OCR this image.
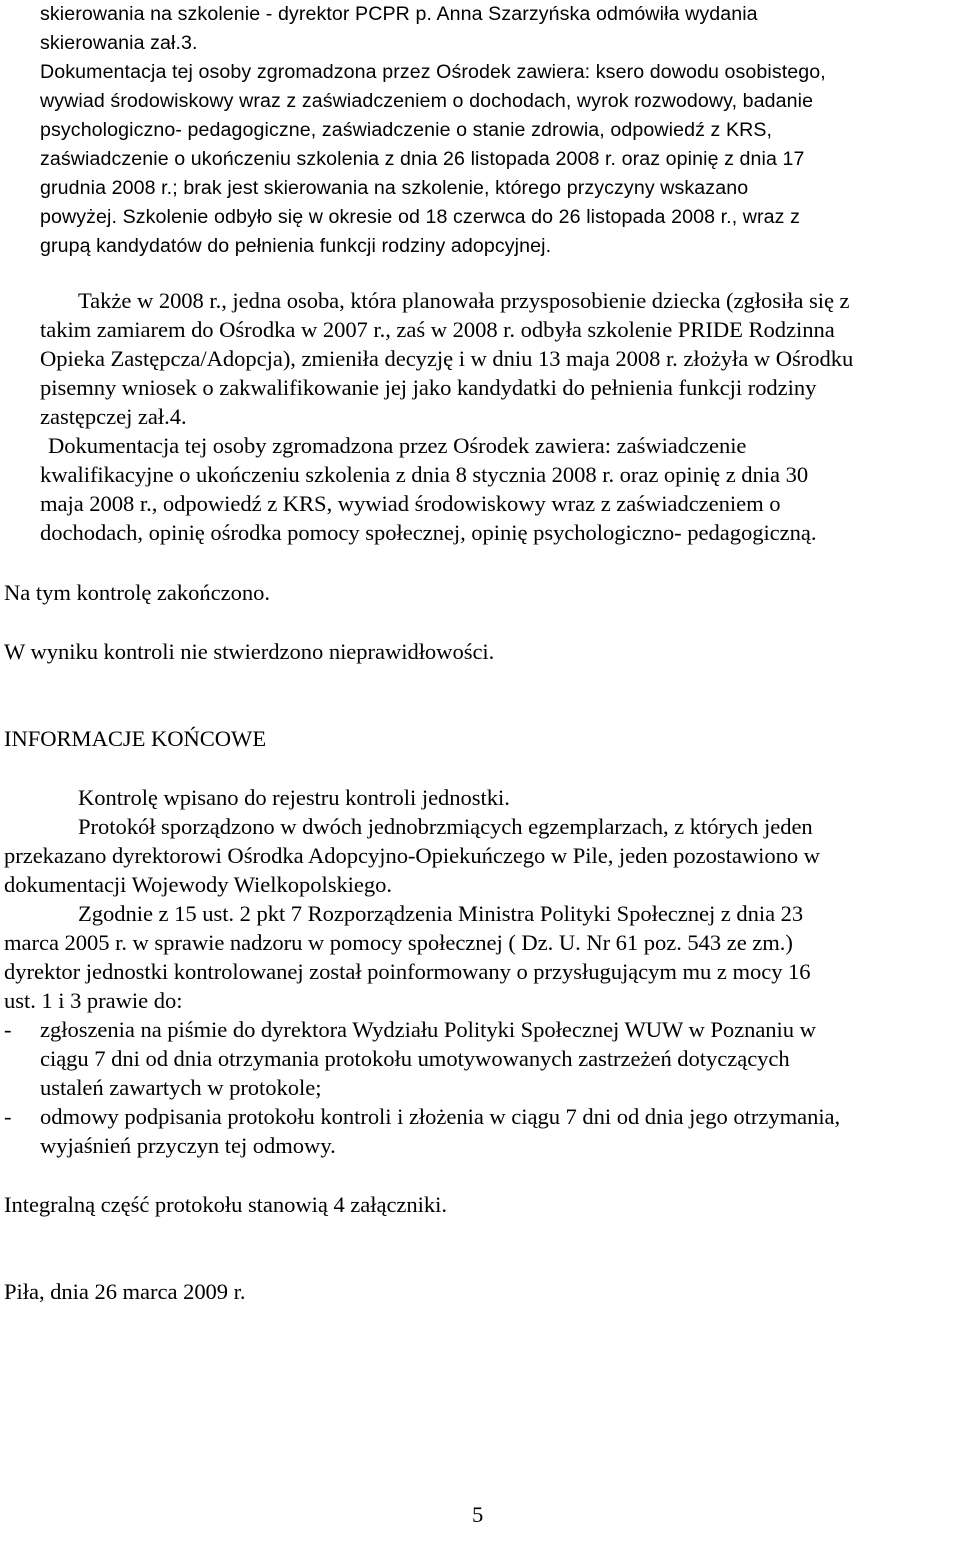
skierowania na szkolenie - dyrektor PCPR p. Anna Szarzyńska odmówiła wydania

skierowania zał.3.

Dokumentacja tej osoby zgromadzona przez Ośrodek zawiera: ksero dowodu osobistego,

wywiad środowiskowy wraz z zaświadczeniem o dochodach, wyrok rozwodowy, badanie

psychologiczno- pedagogiczne, zaświadczenie o stanie zdrowia, odpowiedź z KRS,

zaświadczenie o ukończeniu szkolenia z dnia 26 listopada 2008 r. oraz opinię z dnia 17

grudnia 2008 r.; brak jest skierowania na szkolenie, którego przyczyny wskazano

powyżej. Szkolenie odbyło się w okresie od 18 czerwca do 26 listopada 2008 r., wraz z

grupą kandydatów do pełnienia funkcji rodziny adopcyjnej.

Także w 2008 r., jedna osoba, która planowała przysposobienie dziecka (zgłosiła się z

takim zamiarem do Ośrodka w 2007 r., zaś w 2008 r. odbyła szkolenie PRIDE Rodzinna

Opieka Zastępcza/Adopcja), zmieniła decyzję i w dniu 13 maja 2008 r. złożyła w Ośrodku

pisemny wniosek o zakwalifikowanie jej jako kandydatki do pełnienia funkcji rodziny

zastępczej zał.4.

Dokumentacja tej osoby zgromadzona przez Ośrodek zawiera: zaświadczenie

kwalifikacyjne o ukończeniu szkolenia z dnia 8 stycznia 2008 r. oraz opinię z dnia 30

maja 2008 r., odpowiedź z KRS, wywiad środowiskowy wraz z zaświadczeniem o

dochodach, opinię ośrodka pomocy społecznej, opinię psychologiczno- pedagogiczną.

Na tym kontrolę zakończono.

W wyniku kontroli nie stwierdzono nieprawidłowości.

INFORMACJE KOŃCOWE

Kontrolę wpisano do rejestru kontroli jednostki.

Protokół sporządzono w dwóch jednobrzmiących egzemplarzach, z których jeden

przekazano dyrektorowi Ośrodka Adopcyjno-Opiekuńczego w Pile, jeden pozostawiono w

dokumentacji Wojewody Wielkopolskiego.

Zgodnie z 15 ust. 2 pkt 7 Rozporządzenia Ministra Polityki Społecznej z dnia 23

marca 2005 r. w sprawie nadzoru w pomocy społecznej ( Dz. U. Nr 61 poz. 543 ze zm.)

dyrektor jednostki kontrolowanej został poinformowany o przysługującym mu z mocy 16

ust. 1 i 3 prawie do:

- zgłoszenia na piśmie do dyrektora Wydziału Polityki Społecznej WUW w Poznaniu w

ciągu 7 dni od dnia otrzymania protokołu umotywowanych zastrzeżeń dotyczących

ustaleń zawartych w protokole;

- odmowy podpisania protokołu kontroli i złożenia w ciągu 7 dni od dnia jego otrzymania,

wyjaśnień przyczyn tej odmowy.

Integralną część protokołu stanowią 4 załączniki.

Piła, dnia 26 marca 2009 r.

5
